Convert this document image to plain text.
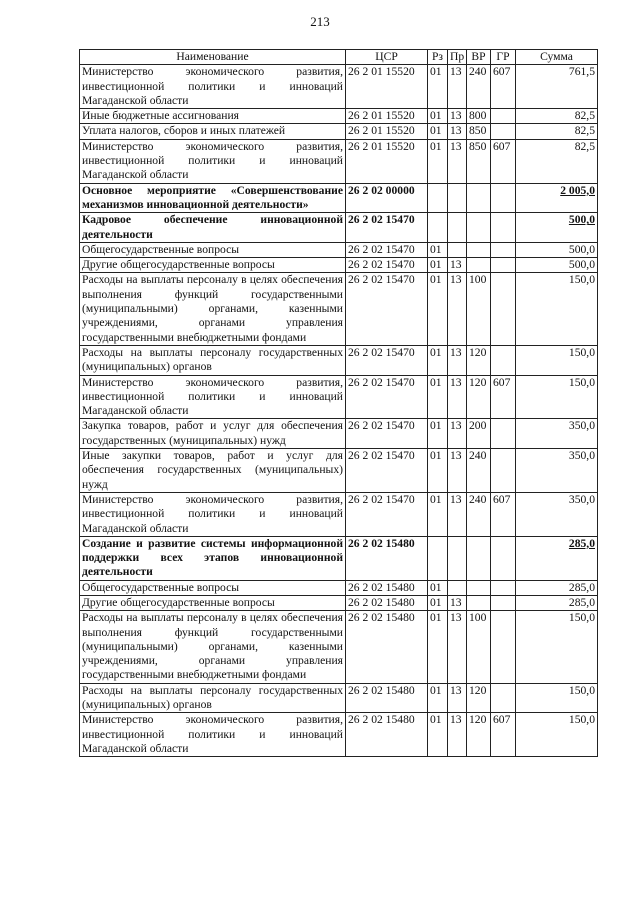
213
Наименование	ЦСР	Рз	Пр	ВР	ГР	Сумма
Министерство экономического развития, инвестиционной политики и инноваций Магаданской области	26 2 01 15520	01	13	240	607	761,5
Иные бюджетные ассигнования	26 2 01 15520	01	13	800		82,5
Уплата налогов, сборов и иных платежей	26 2 01 15520	01	13	850		82,5
Министерство экономического развития, инвестиционной политики и инноваций Магаданской области	26 2 01 15520	01	13	850	607	82,5
Основное мероприятие «Совершенствование механизмов инновационной деятельности»	26 2 02 00000					2 005,0
Кадровое обеспечение инновационной деятельности	26 2 02 15470					500,0
Общегосударственные вопросы	26 2 02 15470	01				500,0
Другие общегосударственные вопросы	26 2 02 15470	01	13			500,0
Расходы на выплаты персоналу в целях обеспечения выполнения функций государственными (муниципальными) органами, казенными учреждениями, органами управления государственными внебюджетными фондами	26 2 02 15470	01	13	100		150,0
Расходы на выплаты персоналу государственных (муниципальных) органов	26 2 02 15470	01	13	120		150,0
Министерство экономического развития, инвестиционной политики и инноваций Магаданской области	26 2 02 15470	01	13	120	607	150,0
Закупка товаров, работ и услуг для обеспечения государственных (муниципальных) нужд	26 2 02 15470	01	13	200		350,0
Иные закупки товаров, работ и услуг для обеспечения государственных (муниципальных) нужд	26 2 02 15470	01	13	240		350,0
Министерство экономического развития, инвестиционной политики и инноваций Магаданской области	26 2 02 15470	01	13	240	607	350,0
Создание и развитие системы информационной поддержки всех этапов инновационной деятельности	26 2 02 15480					285,0
Общегосударственные вопросы	26 2 02 15480	01				285,0
Другие общегосударственные вопросы	26 2 02 15480	01	13			285,0
Расходы на выплаты персоналу в целях обеспечения выполнения функций государственными (муниципальными) органами, казенными учреждениями, органами управления государственными внебюджетными фондами	26 2 02 15480	01	13	100		150,0
Расходы на выплаты персоналу государственных (муниципальных) органов	26 2 02 15480	01	13	120		150,0
Министерство экономического развития, инвестиционной политики и инноваций Магаданской области	26 2 02 15480	01	13	120	607	150,0
